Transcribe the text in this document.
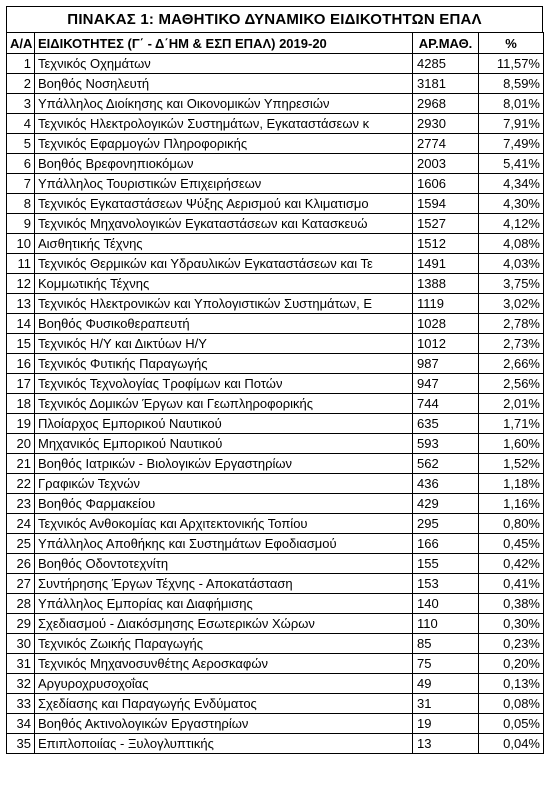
ΠΙΝΑΚΑΣ 1: ΜΑΘΗΤΙΚΟ ΔΥΝΑΜΙΚΟ ΕΙΔΙΚΟΤΗΤΩΝ ΕΠΑΛ
Α/Α	ΕΙΔΙΚΟΤΗΤΕΣ (Γ΄ - Δ΄ΗΜ & ΕΣΠ ΕΠΑΛ) 2019-20	ΑΡ.ΜΑΘ.	%
1	Τεχνικός Οχημάτων	4285	11,57%
2	Βοηθός Νοσηλευτή	3181	8,59%
3	Υπάλληλος Διοίκησης και Οικονομικών Υπηρεσιών	2968	8,01%
4	Τεχνικός Ηλεκτρολογικών Συστημάτων, Εγκαταστάσεων κ	2930	7,91%
5	Τεχνικός Εφαρμογών Πληροφορικής	2774	7,49%
6	Βοηθός Βρεφονηπιοκόμων	2003	5,41%
7	Υπάλληλος Τουριστικών Επιχειρήσεων	1606	4,34%
8	Τεχνικός Εγκαταστάσεων Ψύξης Αερισμού και Κλιματισμο	1594	4,30%
9	Τεχνικός Μηχανολογικών Εγκαταστάσεων και Κατασκευώ	1527	4,12%
10	Αισθητικής Τέχνης	1512	4,08%
11	Τεχνικός Θερμικών και Υδραυλικών Εγκαταστάσεων και Τε	1491	4,03%
12	Κομμωτικής Τέχνης	1388	3,75%
13	Τεχνικός Ηλεκτρονικών και Υπολογιστικών Συστημάτων, Ε	1119	3,02%
14	Βοηθός Φυσικοθεραπευτή	1028	2,78%
15	Τεχνικός Η/Υ και Δικτύων Η/Υ	1012	2,73%
16	Τεχνικός Φυτικής Παραγωγής	987	2,66%
17	Τεχνικός Τεχνολογίας Τροφίμων και Ποτών	947	2,56%
18	Τεχνικός Δομικών Έργων και Γεωπληροφορικής	744	2,01%
19	Πλοίαρχος Εμπορικού Ναυτικού	635	1,71%
20	Μηχανικός Εμπορικού Ναυτικού	593	1,60%
21	Βοηθός Ιατρικών - Βιολογικών Εργαστηρίων	562	1,52%
22	Γραφικών Τεχνών	436	1,18%
23	Βοηθός Φαρμακείου	429	1,16%
24	Τεχνικός Ανθοκομίας και Αρχιτεκτονικής Τοπίου	295	0,80%
25	Υπάλληλος Αποθήκης και Συστημάτων Εφοδιασμού	166	0,45%
26	Βοηθός Οδοντοτεχνίτη	155	0,42%
27	Συντήρησης Έργων Τέχνης - Αποκατάσταση	153	0,41%
28	Υπάλληλος Εμπορίας και Διαφήμισης	140	0,38%
29	Σχεδιασμού - Διακόσμησης Εσωτερικών Χώρων	110	0,30%
30	Τεχνικός Ζωικής Παραγωγής	85	0,23%
31	Τεχνικός Μηχανοσυνθέτης Αεροσκαφών	75	0,20%
32	Αργυροχρυσοχοΐας	49	0,13%
33	Σχεδίασης και Παραγωγής Ενδύματος	31	0,08%
34	Βοηθός Ακτινολογικών Εργαστηρίων	19	0,05%
35	Επιπλοποιίας - Ξυλογλυπτικής	13	0,04%
